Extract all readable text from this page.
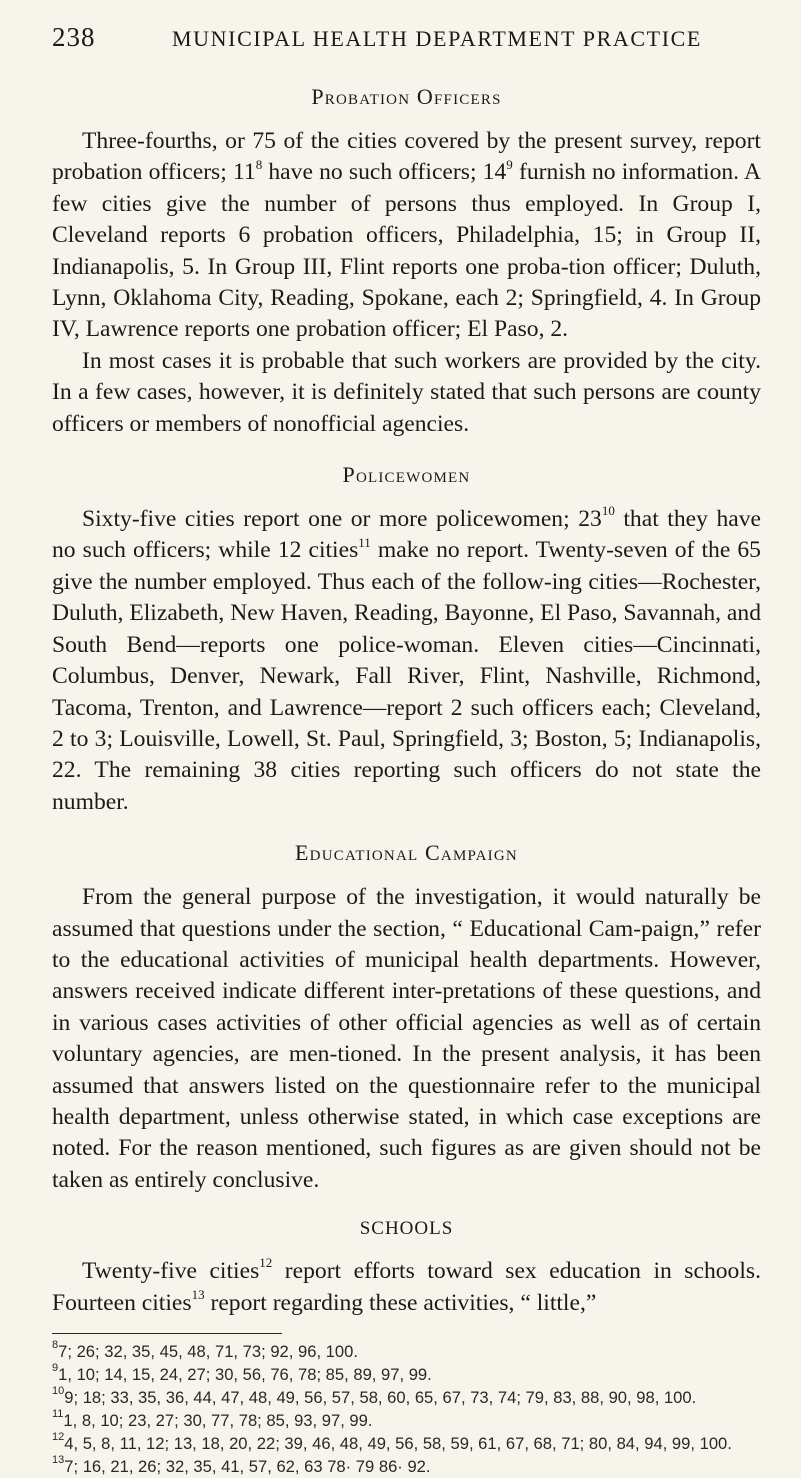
238	MUNICIPAL HEALTH DEPARTMENT PRACTICE
Probation Officers

Three-fourths, or 75 of the cities covered by the present survey, report probation officers; $11^8$ have no such officers; $14^9$ furnish no information. A few cities give the number of persons thus employed. In Group I, Cleveland reports 6 probation officers, Philadelphia, 15; in Group II, Indianapolis, 5. In Group III, Flint reports one proba-tion officer; Duluth, Lynn, Oklahoma City, Reading, Spokane, each 2; Springfield, 4. In Group IV, Lawrence reports one probation officer; El Paso, 2.

In most cases it is probable that such workers are provided by the city. In a few cases, however, it is definitely stated that such persons are county officers or members of nonofficial agencies.

Policewomen

Sixty-five cities report one or more policewomen; $23^{10}$ that they have no such officers; while 12 cities$^{11}$ make no report. Twenty-seven of the 65 give the number employed. Thus each of the follow-ing cities—Rochester, Duluth, Elizabeth, New Haven, Reading, Bayonne, El Paso, Savannah, and South Bend—reports one police-woman. Eleven cities—Cincinnati, Columbus, Denver, Newark, Fall River, Flint, Nashville, Richmond, Tacoma, Trenton, and Lawrence—report 2 such officers each; Cleveland, 2 to 3; Louisville, Lowell, St. Paul, Springfield, 3; Boston, 5; Indianapolis, 22. The remaining 38 cities reporting such officers do not state the number.

Educational Campaign

From the general purpose of the investigation, it would naturally be assumed that questions under the section, “ Educational Cam-paign,” refer to the educational activities of municipal health departments. However, answers received indicate different inter-pretations of these questions, and in various cases activities of other official agencies as well as of certain voluntary agencies, are men-tioned. In the present analysis, it has been assumed that answers listed on the questionnaire refer to the municipal health department, unless otherwise stated, in which case exceptions are noted. For the reason mentioned, such figures as are given should not be taken as entirely conclusive.

SCHOOLS

Twenty-five cities$^{12}$ report efforts toward sex education in schools. Fourteen cities$^{13}$ report regarding these activities, “ little,”

$^8$7; 26; 32, 35, 45, 48, 71, 73; 92, 96, 100.
$^9$1, 10; 14, 15, 24, 27; 30, 56, 76, 78; 85, 89, 97, 99.
$^{10}$9; 18; 33, 35, 36, 44, 47, 48, 49, 56, 57, 58, 60, 65, 67, 73, 74; 79, 83, 88, 90, 98, 100.
$^{11}$1, 8, 10; 23, 27; 30, 77, 78; 85, 93, 97, 99.
$^{12}$4, 5, 8, 11, 12; 13, 18, 20, 22; 39, 46, 48, 49, 56, 58, 59, 61, 67, 68, 71; 80, 84, 94, 99, 100.
$^{13}$7; 16, 21, 26; 32, 35, 41, 57, 62, 63 78· 79 86· 92.
